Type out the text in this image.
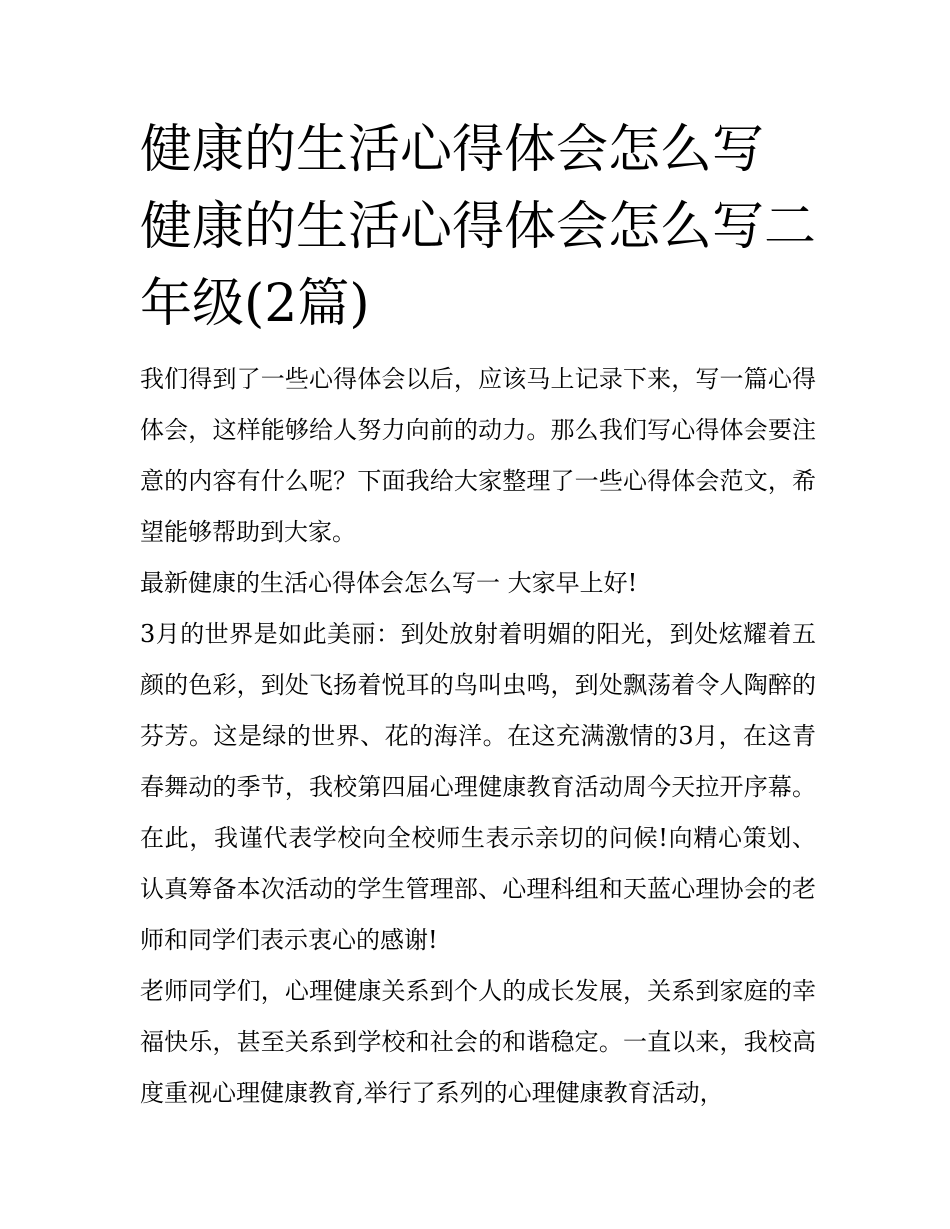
健康的生活心得体会怎么写 健康的生活心得体会怎么写二年级(2篇)

我们得到了一些心得体会以后，应该马上记录下来，写一篇心得体会，这样能够给人努力向前的动力。那么我们写心得体会要注意的内容有什么呢？下面我给大家整理了一些心得体会范文，希望能够帮助到大家。

最新健康的生活心得体会怎么写一 大家早上好!

3月的世界是如此美丽：到处放射着明媚的阳光，到处炫耀着五颜的色彩，到处飞扬着悦耳的鸟叫虫鸣，到处飘荡着令人陶醉的芬芳。这是绿的世界、花的海洋。在这充满激情的3月，在这青春舞动的季节，我校第四届心理健康教育活动周今天拉开序幕。在此，我谨代表学校向全校师生表示亲切的问候!向精心策划、认真筹备本次活动的学生管理部、心理科组和天蓝心理协会的老师和同学们表示衷心的感谢!

老师同学们，心理健康关系到个人的成长发展，关系到家庭的幸福快乐，甚至关系到学校和社会的和谐稳定。一直以来，我校高度重视心理健康教育,举行了系列的心理健康教育活动，
